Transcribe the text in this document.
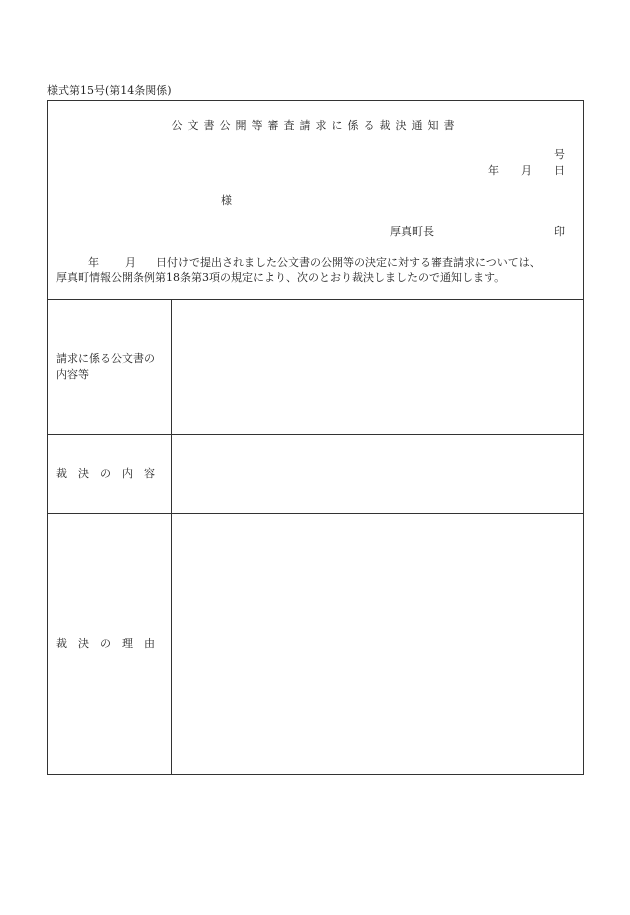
様式第15号(第14条関係)
公文書公開等審査請求に係る裁決通知書
号
年 月 日
様
厚真町長	印
年 月 日付けで提出されました公文書の公開等の決定に対する審査請求については、
厚真町情報公開条例第18条第3項の規定により、次のとおり裁決しましたので通知します。
請求に係る公文書の
内容等
裁決の内容
裁決の理由
